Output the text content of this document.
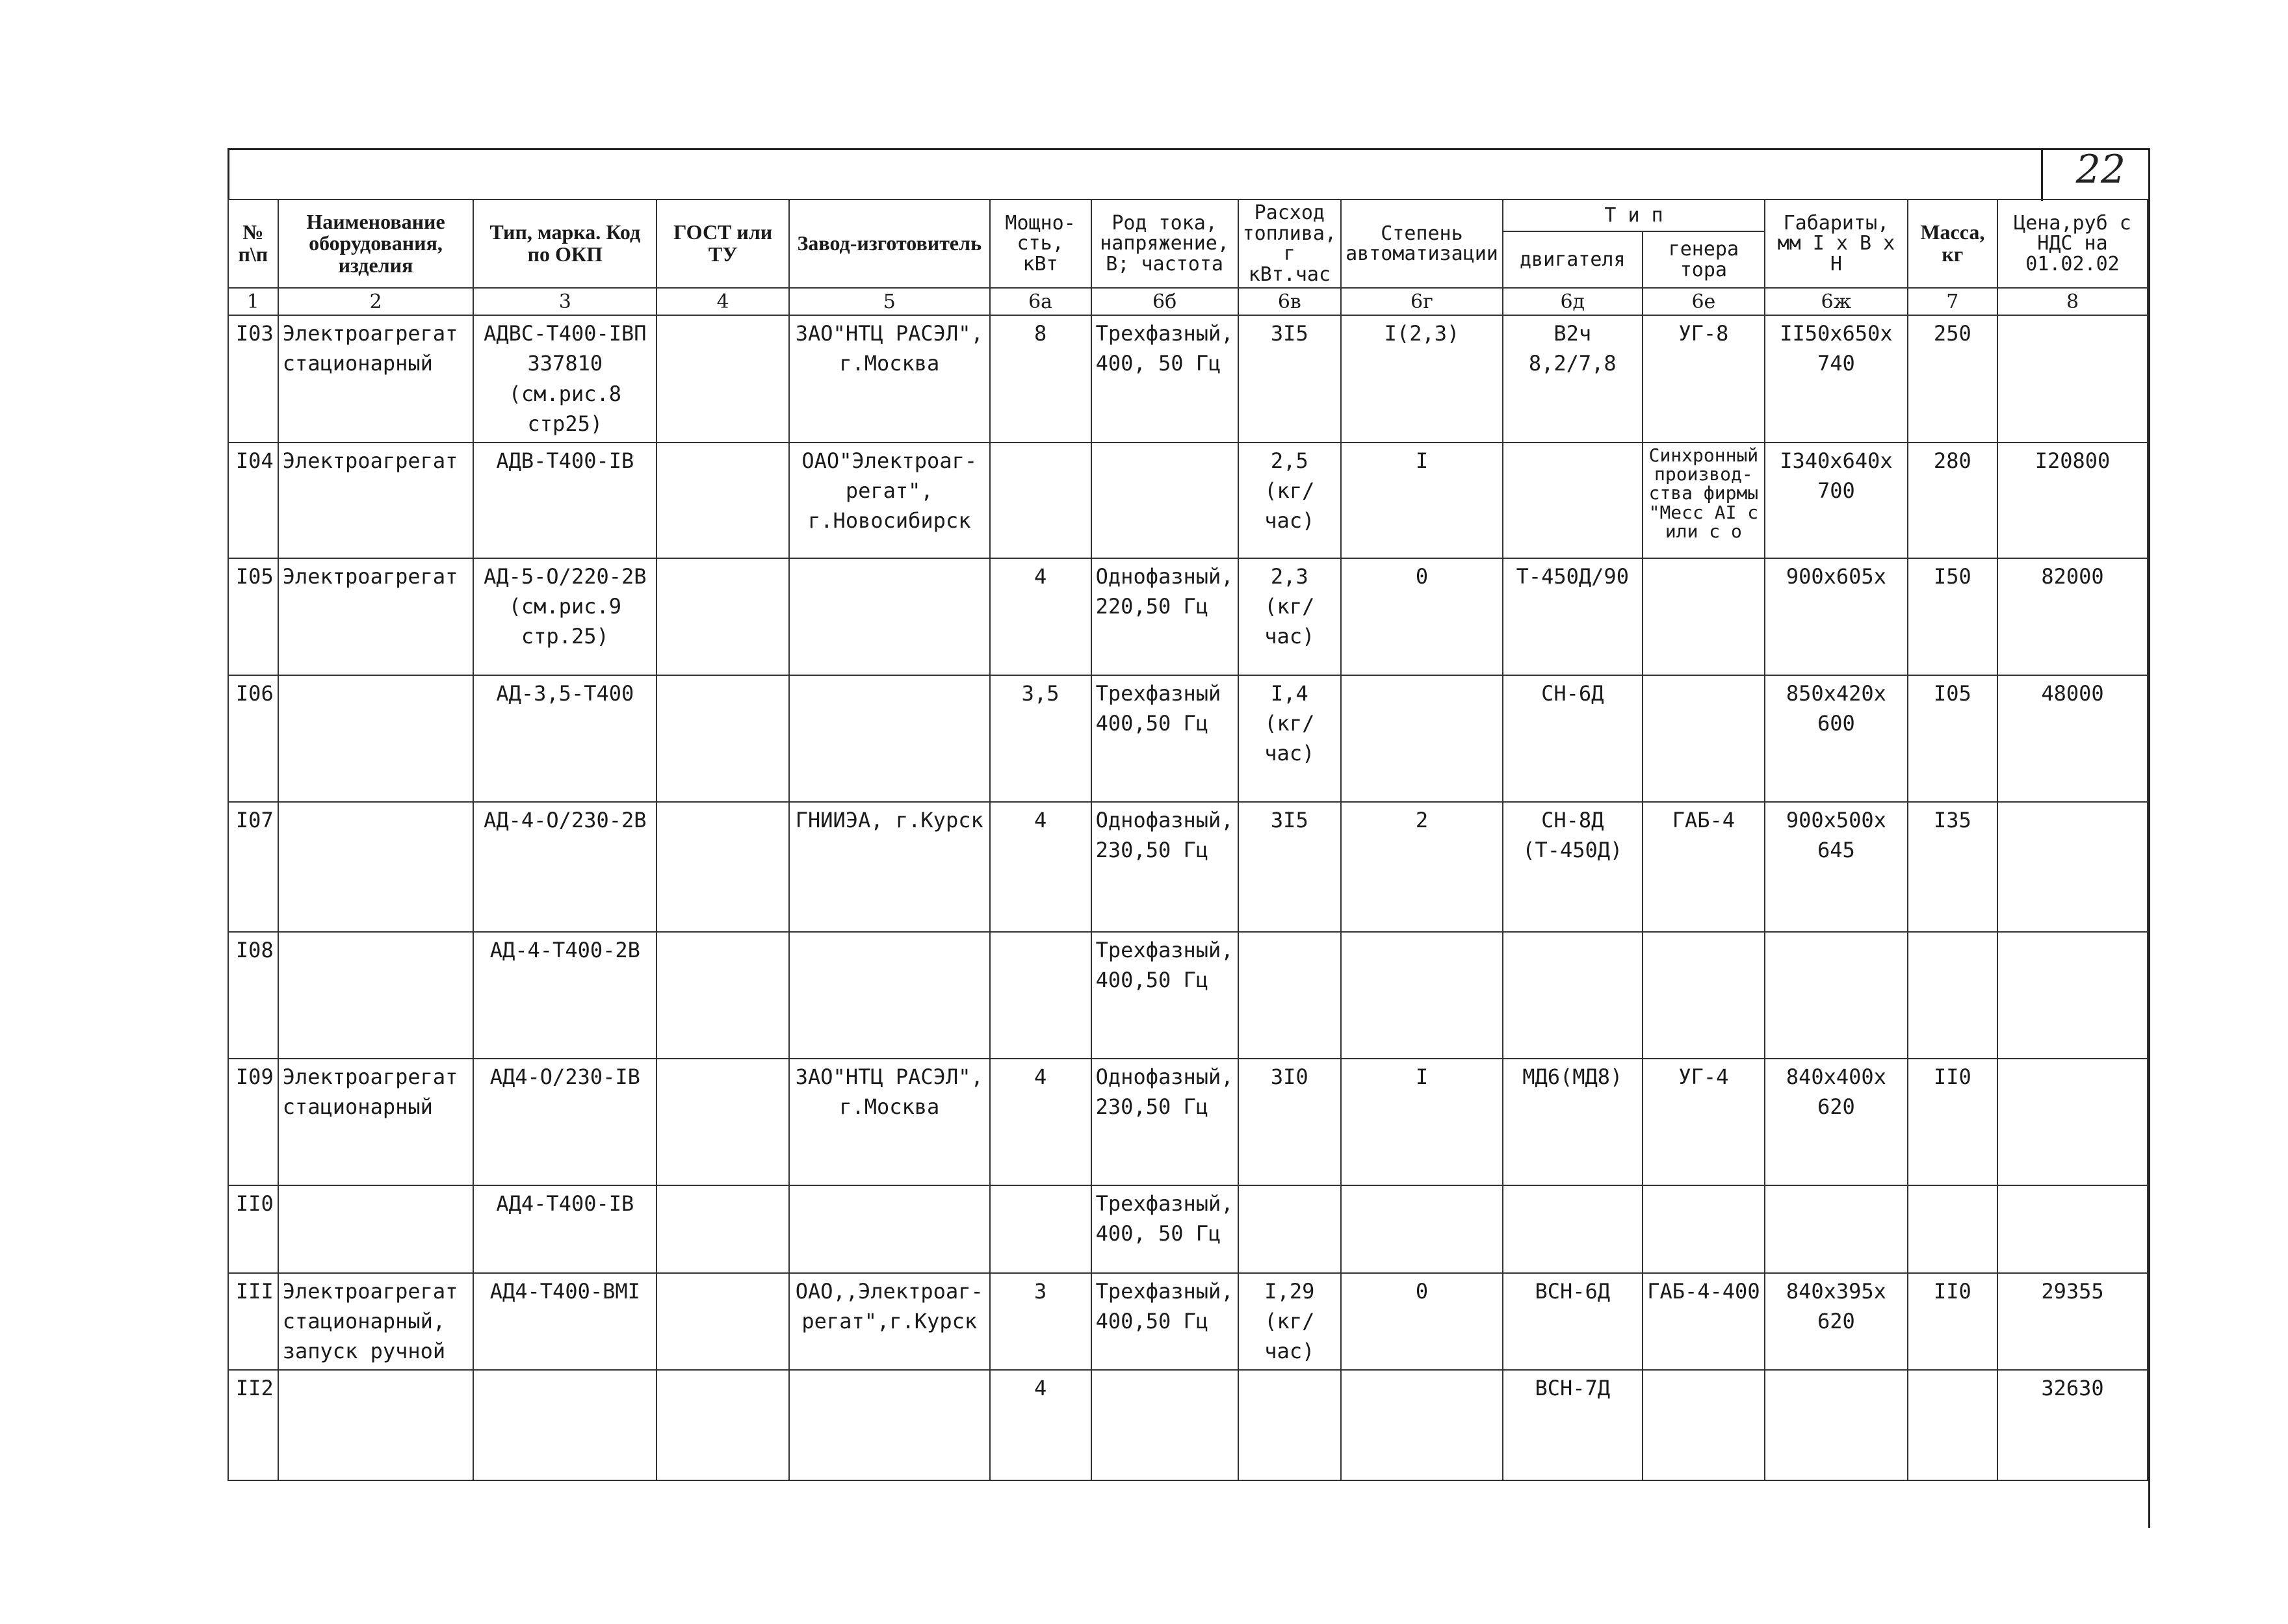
22
№ п\п	Наименование оборудования, изделия	Тип, марка. Код по ОКП	ГОСТ или ТУ	Завод-изготовитель	Мощно-сть, кВт	Род тока, напряжение, В; частота	Расход топлива, г кВт.час	Степень автоматизации	Т и п		Габариты, мм I x B x H	Масса, кг	Цена,руб с НДС на 01.02.02
									двигателя	генера тора			
1	2	3	4	5	6а	6б	6в	6г	6д	6е	6ж	7	8
I03	Электроагрегат стационарный	АДВС-Т400-IВП 337810 (см.рис.8 стр25)		ЗАО"НТЦ РАСЭЛ", г.Москва	8	Трехфазный, 400, 50 Гц	3I5	I(2,3)	В2ч 8,2/7,8	УГ-8	II50x650x 740	250	
I04	Электроагрегат	АДВ-Т400-IВ		ОАО"Электроаг-регат", г.Новосибирск			2,5 (кг/час)	I		Синхронный производ-ства фирмы "Месс AI с или с о	I340x640x 700	280	I20800
I05	Электроагрегат	АД-5-О/220-2В (см.рис.9 стр.25)			4	Однофазный, 220,50 Гц	2,3 (кг/час)	0	Т-450Д/90		900x605x	I50	82000
I06		АД-3,5-Т400			3,5	Трехфазный 400,50 Гц	I,4 (кг/час)		СН-6Д		850x420x 600	I05	48000
I07		АД-4-О/230-2В		ГНИИЭА, г.Курск	4	Однофазный, 230,50 Гц	3I5	2	СН-8Д (Т-450Д)	ГАБ-4	900x500x 645	I35	
I08		АД-4-Т400-2В				Трехфазный, 400,50 Гц							
I09	Электроагрегат стационарный	АД4-О/230-IВ		ЗАО"НТЦ РАСЭЛ", г.Москва	4	Однофазный, 230,50 Гц	3I0	I	МД6(МД8)	УГ-4	840x400x 620	II0	
II0		АД4-Т400-IВ				Трехфазный, 400, 50 Гц							
III	Электроагрегат стационарный, запуск ручной	АД4-Т400-ВМI		ОАО,,Электроаг-регат",г.Курск	3	Трехфазный, 400,50 Гц	I,29 (кг/час)	0	ВСН-6Д	ГАБ-4-400	840x395x 620	II0	29355
II2					4				ВСН-7Д				32630
